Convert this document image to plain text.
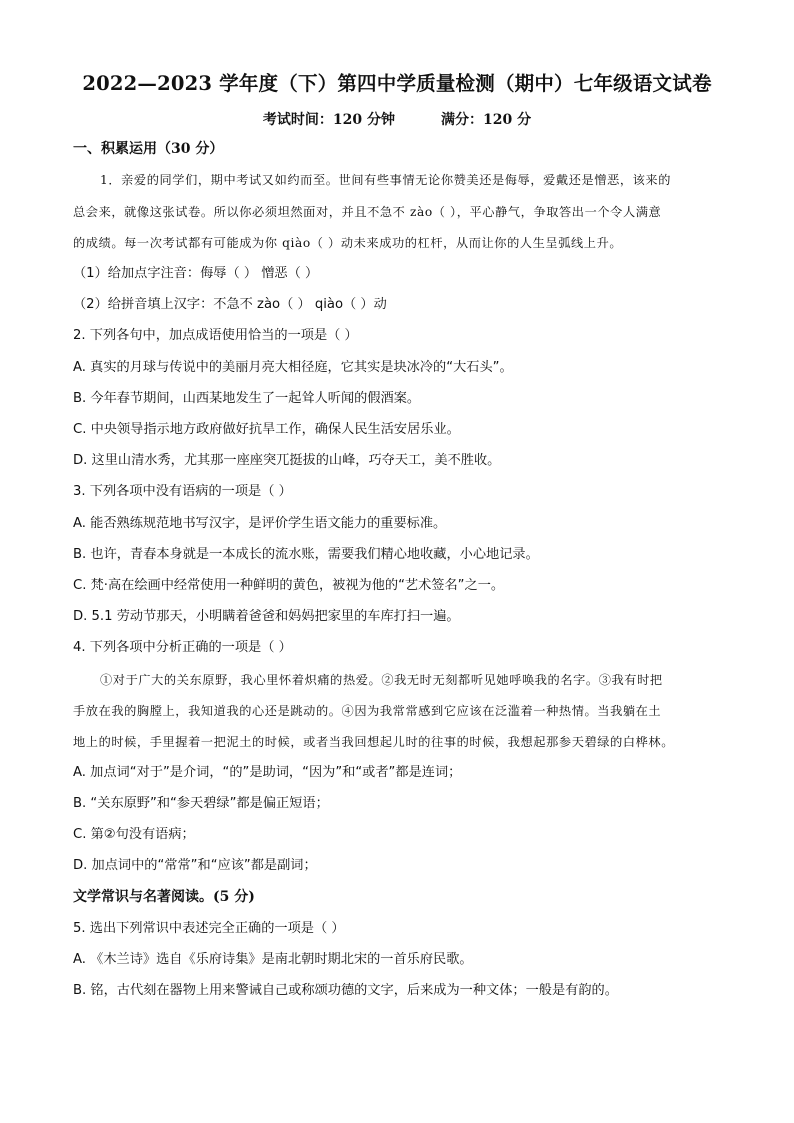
2022—2023 学年度（下）第四中学质量检测（期中）七年级语文试卷
考试时间：120 分钟	满分：120 分
一、积累运用（30 分）
1．亲爱的同学们，期中考试又如约而至。世间有些事情无论你赞美还是侮辱，爱戴还是憎恶，该来的
总会来，就像这张试卷。所以你必须坦然面对，并且不急不 zào（ ），平心静气，争取答出一个令人满意
的成绩。每一次考试都有可能成为你 qiào（ ）动未来成功的杠杆，从而让你的人生呈弧线上升。
（1）给加点字注音：侮辱（ ） 憎恶（ ）
（2）给拼音填上汉字：不急不 zào（ ） qiào（ ）动
2. 下列各句中，加点成语使用恰当的一项是（ ）
A. 真实的月球与传说中的美丽月亮大相径庭，它其实是块冰冷的“大石头”。
B. 今年春节期间，山西某地发生了一起耸人听闻的假酒案。
C. 中央领导指示地方政府做好抗旱工作，确保人民生活安居乐业。
D. 这里山清水秀，尤其那一座座突兀挺拔的山峰，巧夺天工，美不胜收。
3. 下列各项中没有语病的一项是（ ）
A. 能否熟练规范地书写汉字，是评价学生语文能力的重要标准。
B. 也许，青春本身就是一本成长的流水账，需要我们精心地收藏，小心地记录。
C. 梵·高在绘画中经常使用一种鲜明的黄色，被视为他的“艺术签名”之一。
D. 5.1 劳动节那天，小明瞒着爸爸和妈妈把家里的车库打扫一遍。
4. 下列各项中分析正确的一项是（ ）
①对于广大的关东原野，我心里怀着炽痛的热爱。②我无时无刻都听见她呼唤我的名字。③我有时把
手放在我的胸膛上，我知道我的心还是跳动的。④因为我常常感到它应该在泛滥着一种热情。当我躺在土
地上的时候，手里握着一把泥土的时候，或者当我回想起儿时的往事的时候，我想起那参天碧绿的白桦林。
A. 加点词“对于”是介词，“的”是助词，“因为”和“或者”都是连词；
B. “关东原野”和“参天碧绿”都是偏正短语；
C. 第②句没有语病；
D. 加点词中的“常常”和“应该”都是副词；
文学常识与名著阅读。(5 分)
5. 选出下列常识中表述完全正确的一项是（ ）
A. 《木兰诗》选自《乐府诗集》是南北朝时期北宋的一首乐府民歌。
B. 铭，古代刻在器物上用来警诫自己或称颂功德的文字，后来成为一种文体；一般是有韵的。
